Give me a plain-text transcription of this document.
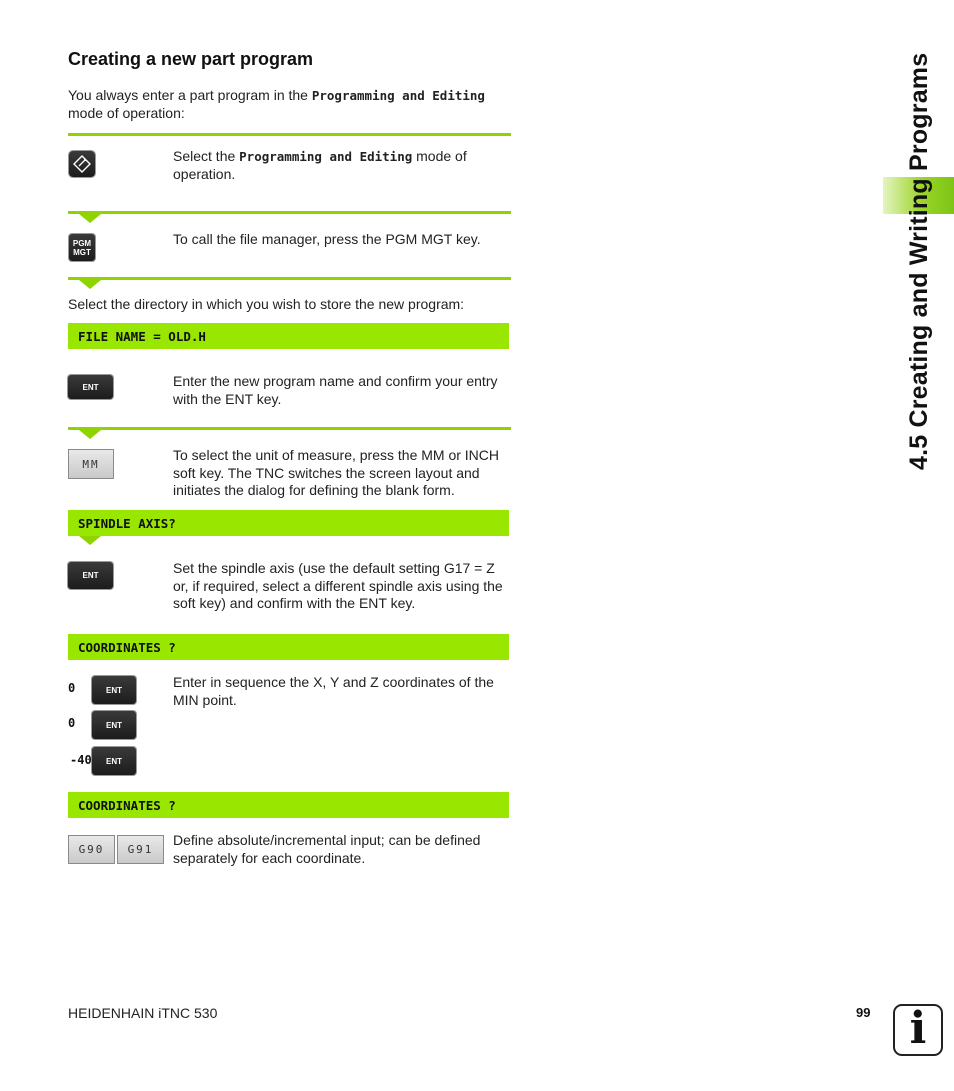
Creating a new part program
You always enter a part program in the Programming and Editing
mode of operation:
Select the Programming and Editing mode of operation.
PGM
MGT
To call the file manager, press the PGM MGT key.
Select the directory in which you wish to store the new program:
FILE NAME = OLD.H
ENT	Enter the new program name and confirm your entry
with the ENT key.
MM
To select the unit of measure, press the MM or INCH
soft key. The TNC switches the screen layout and
initiates the dialog for defining the blank form.
SPINDLE AXIS?
ENT	Set the spindle axis (use the default setting G17 = Z
or, if required, select a different spindle axis using the
soft key) and confirm with the ENT key.
COORDINATES ?
0	ENT
0	ENT
-40 ENT
Enter in sequence the X, Y and Z coordinates of the
MIN point.
COORDINATES ?
G90 G91
Define absolute/incremental input; can be defined
separately for each coordinate.
4.5 Creating and Writing Programs
HEIDENHAIN iTNC 530	99 i
